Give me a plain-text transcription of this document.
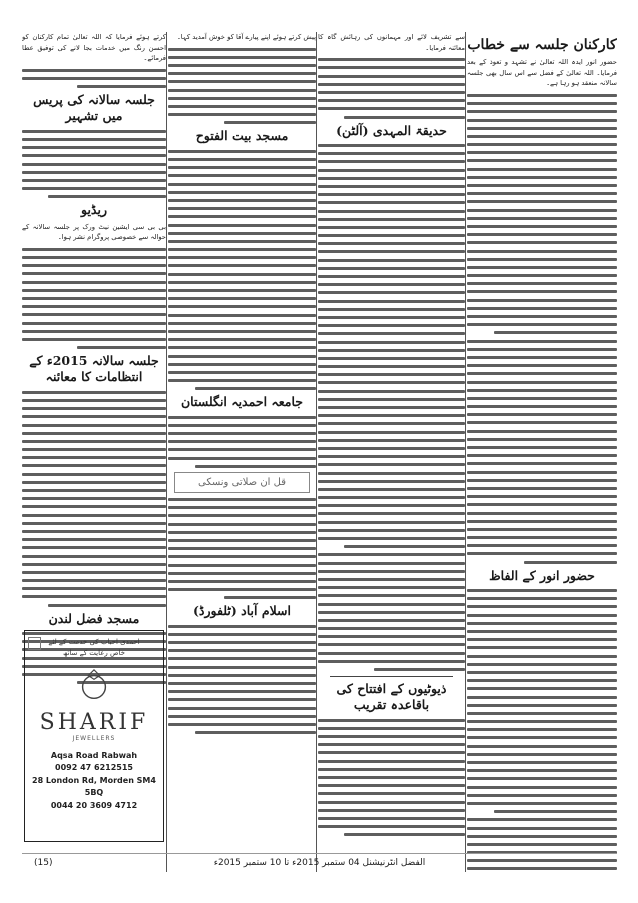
کارکنان جلسہ سے خطاب
حضور انور ایدہ اللہ تعالیٰ نے تشہد و تعوذ کے بعد فرمایا۔ اللہ تعالیٰ کے فضل سے اس سال بھی جلسہ سالانہ منعقد ہو رہا ہے۔
حضور انور کے الفاظ
سے تشریف لائے اور مہمانوں کی رہائش گاہ کا معائنہ فرمایا۔
حدیقۃ المہدی (آلٹن)
ذیوٹیوں کے افتتاح کی باقاعدہ تقریب
پیش کرتے ہوئے اپنے پیارے آقا کو خوش آمدید کہا۔
مسجد بیت الفتوح
جامعہ احمدیہ انگلستان
قل ان صلاتی ونسکی
اسلام آباد (ٹلفورڈ)
کرتے ہوئے فرمایا کہ اللہ تعالیٰ تمام کارکنان کو احسن رنگ میں خدمات بجا لانے کی توفیق عطا فرمائے۔
جلسہ سالانہ کی پریس میں تشہیر
ریڈیو
بی بی سی ایشین نیٹ ورک پر جلسہ سالانہ کے حوالہ سے خصوصی پروگرام نشر ہوا۔
جلسہ سالانہ 2015ء کے انتظامات کا معائنہ
مسجد فضل لندن
احمدی احباب کی خدمت کے لئے
خاص رعایت کے ساتھ
SHARIF
JEWELLERS
Aqsa Road Rabwah
0092 47 6212515
28 London Rd, Morden SM4 5BQ
0044 20 3609 4712
الفضل انٹرنیشنل 04 ستمبر 2015ء تا 10 ستمبر 2015ء
(15)
